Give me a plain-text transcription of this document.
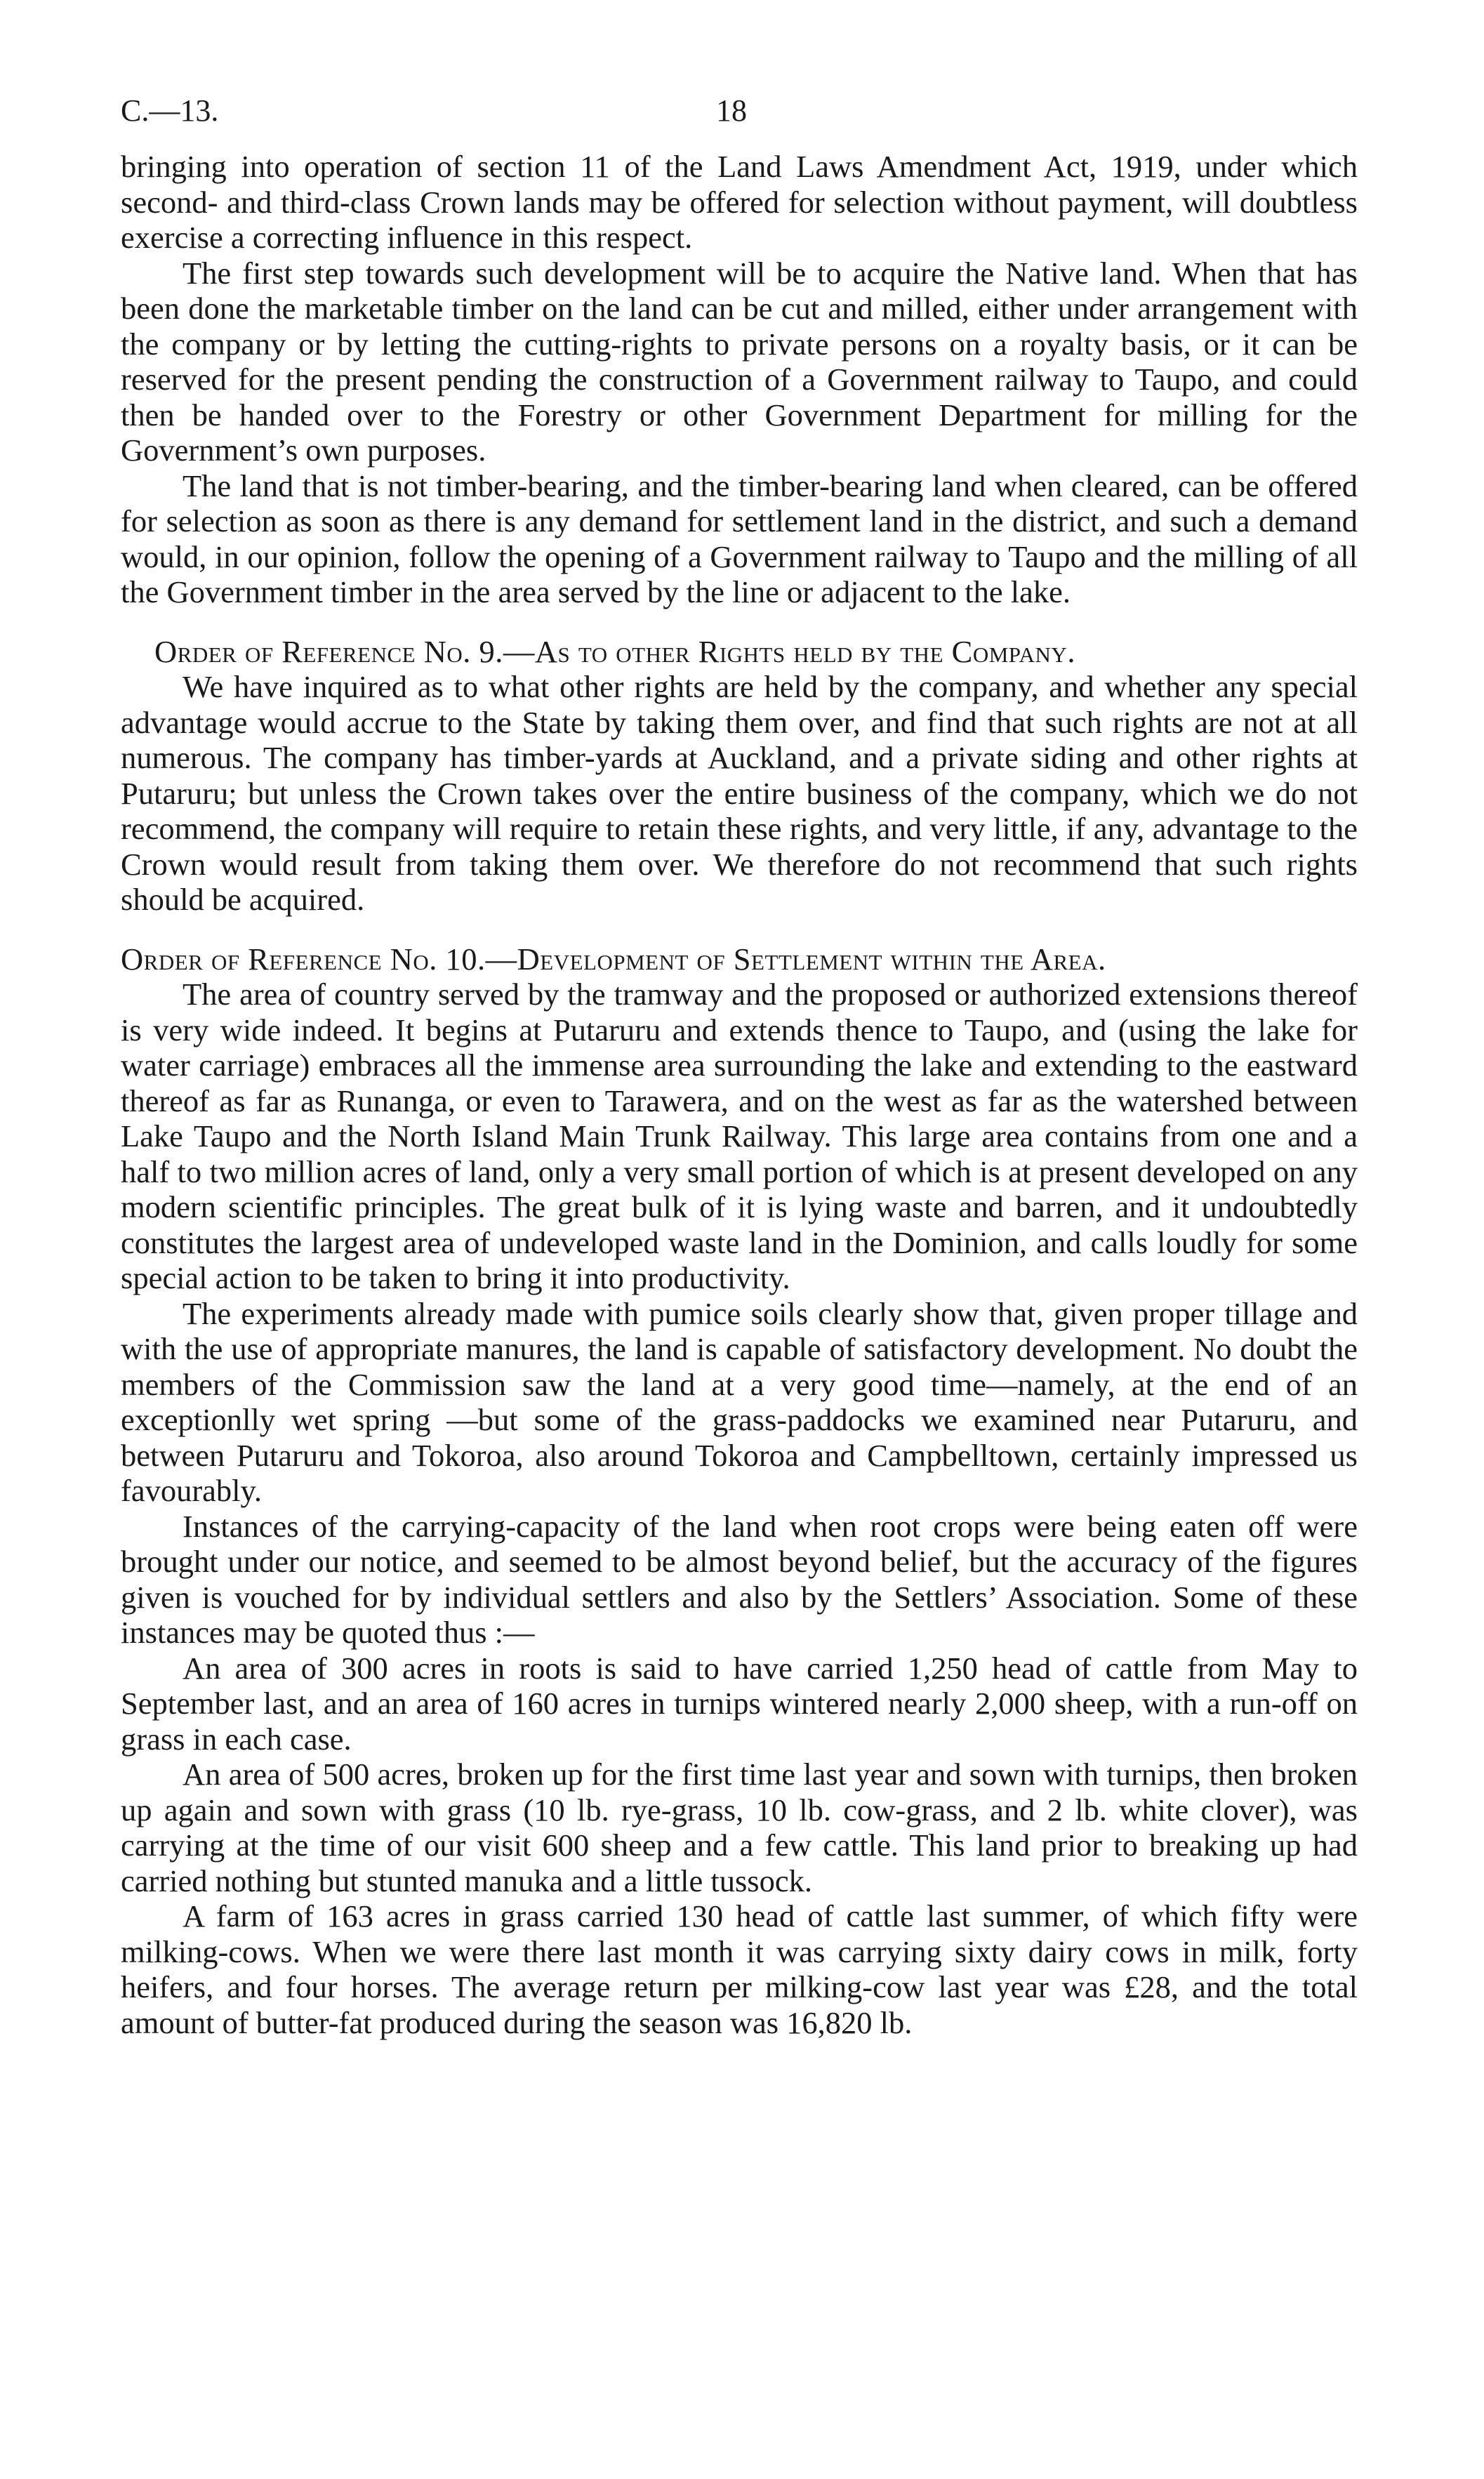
C.—13.	18

bringing into operation of section 11 of the Land Laws Amendment Act, 1919, under which second- and third-class Crown lands may be offered for selection without payment, will doubtless exercise a correcting influence in this respect.

The first step towards such development will be to acquire the Native land. When that has been done the marketable timber on the land can be cut and milled, either under arrangement with the company or by letting the cutting-rights to private persons on a royalty basis, or it can be reserved for the present pending the construction of a Government railway to Taupo, and could then be handed over to the Forestry or other Government Department for milling for the Government’s own purposes.

The land that is not timber-bearing, and the timber-bearing land when cleared, can be offered for selection as soon as there is any demand for settlement land in the district, and such a demand would, in our opinion, follow the opening of a Government railway to Taupo and the milling of all the Government timber in the area served by the line or adjacent to the lake.

Order of Reference No. 9.—As to other Rights held by the Company.

We have inquired as to what other rights are held by the company, and whether any special advantage would accrue to the State by taking them over, and find that such rights are not at all numerous. The company has timber-yards at Auckland, and a private siding and other rights at Putaruru; but unless the Crown takes over the entire business of the company, which we do not recommend, the company will require to retain these rights, and very little, if any, advantage to the Crown would result from taking them over. We therefore do not recommend that such rights should be acquired.

Order of Reference No. 10.—Development of Settlement within the Area.

The area of country served by the tramway and the proposed or authorized extensions thereof is very wide indeed. It begins at Putaruru and extends thence to Taupo, and (using the lake for water carriage) embraces all the immense area surrounding the lake and extending to the eastward thereof as far as Runanga, or even to Tarawera, and on the west as far as the watershed between Lake Taupo and the North Island Main Trunk Railway. This large area contains from one and a half to two million acres of land, only a very small portion of which is at present developed on any modern scientific principles. The great bulk of it is lying waste and barren, and it undoubtedly constitutes the largest area of undeveloped waste land in the Dominion, and calls loudly for some special action to be taken to bring it into productivity.

The experiments already made with pumice soils clearly show that, given proper tillage and with the use of appropriate manures, the land is capable of satisfactory development. No doubt the members of the Commission saw the land at a very good time—namely, at the end of an exceptionlly wet spring —but some of the grass-paddocks we examined near Putaruru, and between Putaruru and Tokoroa, also around Tokoroa and Campbelltown, certainly impressed us favourably.

Instances of the carrying-capacity of the land when root crops were being eaten off were brought under our notice, and seemed to be almost beyond belief, but the accuracy of the figures given is vouched for by individual settlers and also by the Settlers’ Association. Some of these instances may be quoted thus :—

An area of 300 acres in roots is said to have carried 1,250 head of cattle from May to September last, and an area of 160 acres in turnips wintered nearly 2,000 sheep, with a run-off on grass in each case.

An area of 500 acres, broken up for the first time last year and sown with turnips, then broken up again and sown with grass (10 lb. rye-grass, 10 lb. cow-grass, and 2 lb. white clover), was carrying at the time of our visit 600 sheep and a few cattle. This land prior to breaking up had carried nothing but stunted manuka and a little tussock.

A farm of 163 acres in grass carried 130 head of cattle last summer, of which fifty were milking-cows. When we were there last month it was carrying sixty dairy cows in milk, forty heifers, and four horses. The average return per milking-cow last year was £28, and the total amount of butter-fat produced during the season was 16,820 lb.
